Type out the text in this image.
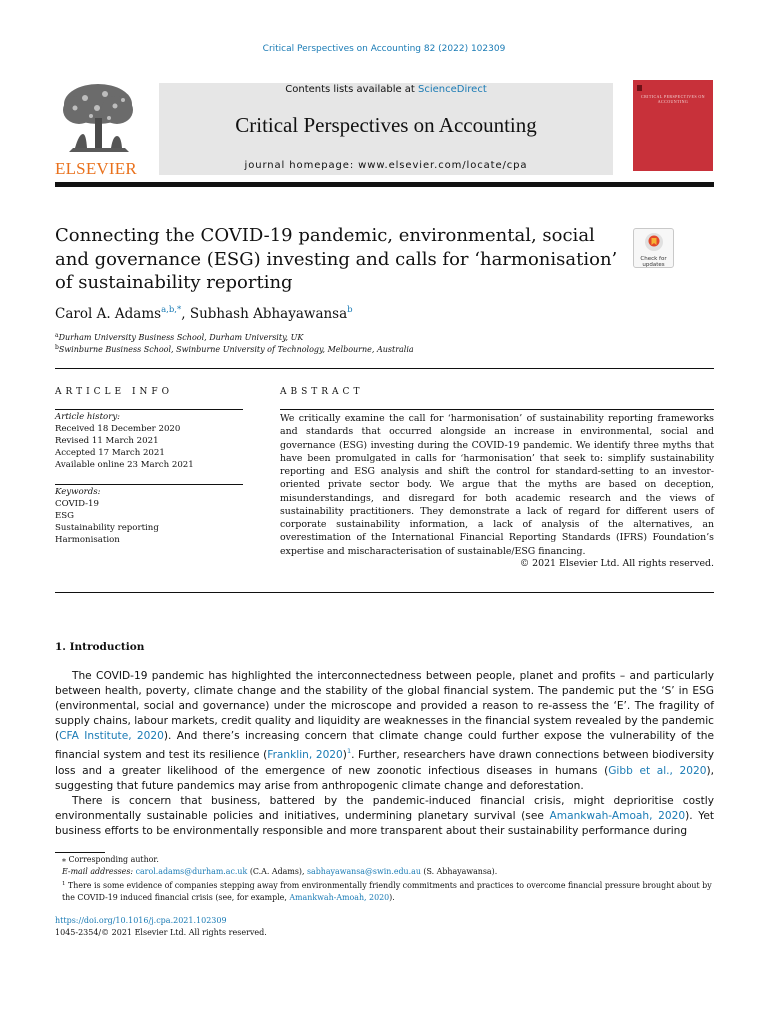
Critical Perspectives on Accounting 82 (2022) 102309
ELSEVIER
Contents lists available at ScienceDirect
Critical Perspectives on Accounting
journal homepage: www.elsevier.com/locate/cpa
CRITICAL PERSPECTIVES ON ACCOUNTING
Connecting the COVID-19 pandemic, environmental, social and governance (ESG) investing and calls for ‘harmonisation’ of sustainability reporting
Check for
updates
Carol A. Adams$^{a,b,*}$, Subhash Abhayawansa$^b$
$^a$Durham University Business School, Durham University, UK
$^b$Swinburne Business School, Swinburne University of Technology, Melbourne, Australia
ARTICLE INFO
Article history:
Received 18 December 2020
Revised 11 March 2021
Accepted 17 March 2021
Available online 23 March 2021
Keywords:
COVID-19
ESG
Sustainability reporting
Harmonisation
ABSTRACT
We critically examine the call for ‘harmonisation’ of sustainability reporting frameworks and standards that occurred alongside an increase in environmental, social and governance (ESG) investing during the COVID-19 pandemic. We identify three myths that have been promulgated in calls for ‘harmonisation’ that seek to: simplify sustainability reporting and ESG analysis and shift the control for standard-setting to an investor-oriented private sector body. We argue that the myths are based on deception, misunderstandings, and disregard for both academic research and the views of sustainability practitioners. They demonstrate a lack of regard for different users of corporate sustainability information, a lack of analysis of the alternatives, an overestimation of the International Financial Reporting Standards (IFRS) Foundation’s expertise and mischaracterisation of sustainable/ESG financing.
© 2021 Elsevier Ltd. All rights reserved.
1. Introduction

The COVID-19 pandemic has highlighted the interconnectedness between people, planet and profits – and particularly between health, poverty, climate change and the stability of the global financial system. The pandemic put the ‘S’ in ESG (environmental, social and governance) under the microscope and provided a reason to re-assess the ‘E’. The fragility of supply chains, labour markets, credit quality and liquidity are weaknesses in the financial system revealed by the pandemic (CFA Institute, 2020). And there’s increasing concern that climate change could further expose the vulnerability of the financial system and test its resilience (Franklin, 2020)$^1$. Further, researchers have drawn connections between biodiversity loss and a greater likelihood of the emergence of new zoonotic infectious diseases in humans (Gibb et al., 2020), suggesting that future pandemics may arise from anthropogenic climate change and deforestation.

There is concern that business, battered by the pandemic-induced financial crisis, might deprioritise costly environmentally sustainable policies and initiatives, undermining planetary survival (see Amankwah-Amoah, 2020). Yet business efforts to be environmentally responsible and more transparent about their sustainability performance during

⁎ Corresponding author.
E-mail addresses: carol.adams@durham.ac.uk (C.A. Adams), sabhayawansa@swin.edu.au (S. Abhayawansa).
$^1$ There is some evidence of companies stepping away from environmentally friendly commitments and practices to overcome financial pressure brought about by the COVID-19 induced financial crisis (see, for example, Amankwah-Amoah, 2020).
https://doi.org/10.1016/j.cpa.2021.102309
1045-2354/© 2021 Elsevier Ltd. All rights reserved.
